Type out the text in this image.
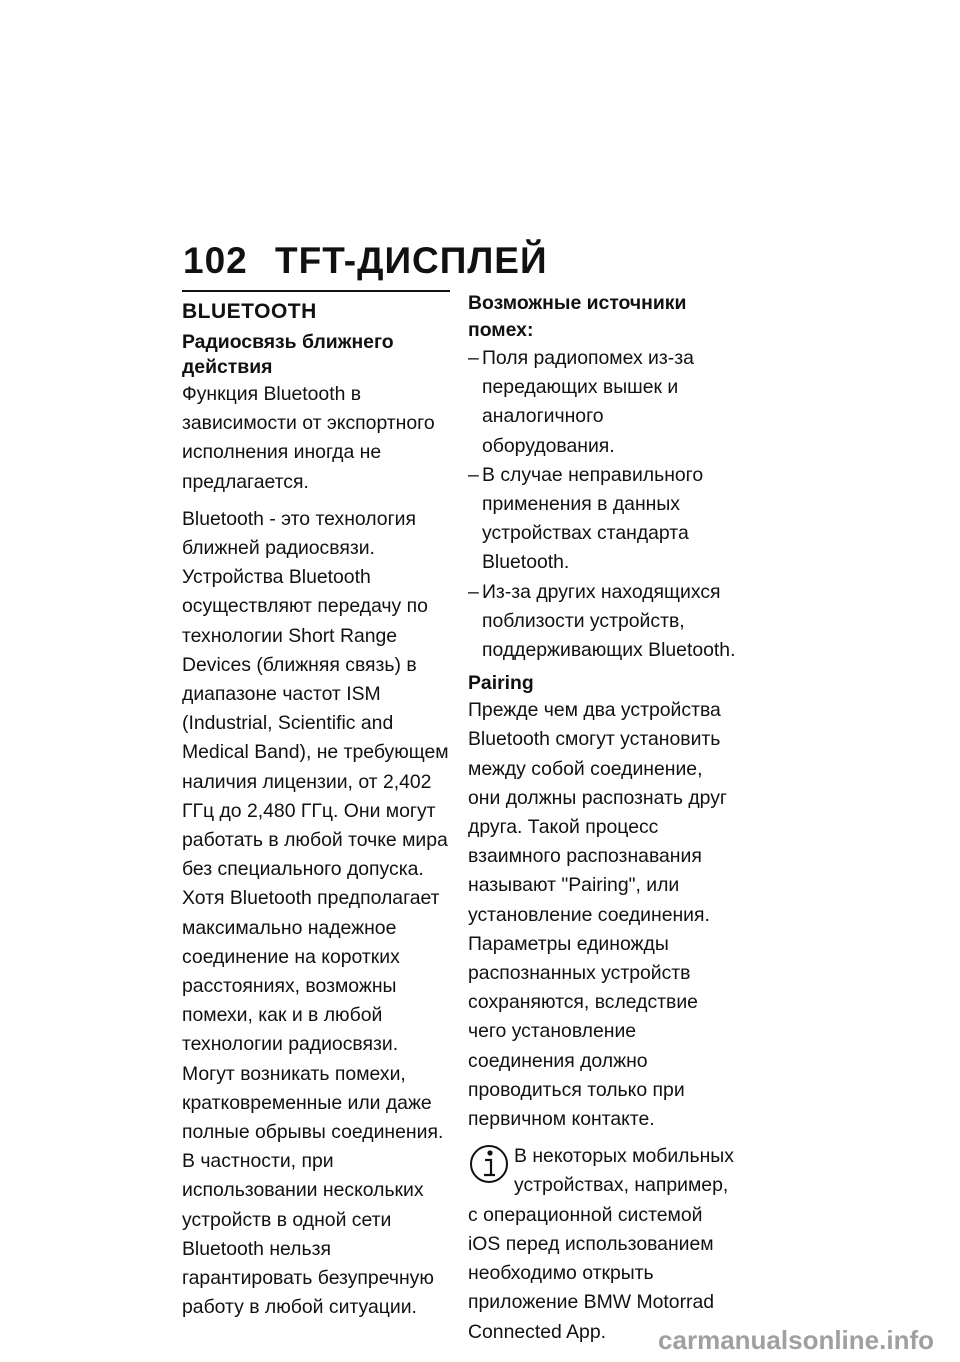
102 TFT-ДИСПЛЕЙ
BLUETOOTH
Радиосвязь ближнего действия

Функция Bluetooth в зависимости от экспортного исполнения иногда не предлагается.

Bluetooth - это технология ближней радиосвязи. Устройства Bluetooth осуществляют передачу по технологии Short Range Devices (ближняя связь) в диапазоне частот ISM (Industrial, Scientific and Medical Band), не требующем наличия лицензии, от 2,402 ГГц до 2,480 ГГц. Они могут работать в любой точке мира без специального допуска. Хотя Bluetooth предполагает максимально надежное соединение на коротких расстояниях, возможны помехи, как и в любой технологии радиосвязи. Могут возникать помехи, кратковременные или даже полные обрывы соединения. В частности, при использовании нескольких устройств в одной сети Bluetooth нельзя гарантировать безупречную работу в любой ситуации.

Возможные источники помех:
– Поля радиопомех из-за передающих вышек и аналогичного оборудования.
– В случае неправильного применения в данных устройствах стандарта Bluetooth.
– Из-за других находящихся поблизости устройств, поддерживающих Bluetooth.
Pairing

Прежде чем два устройства Bluetooth смогут установить между собой соединение, они должны распознать друг друга. Такой процесс взаимного распознавания называют "Pairing", или установление соединения. Параметры единожды распознанных устройств сохраняются, вследствие чего установление соединения должно проводиться только при первичном контакте.

В некоторых мобильных устройствах, например, с операционной системой iOS перед использованием необходимо открыть приложение BMW Motorrad Connected App.	carmanualsonline.info
